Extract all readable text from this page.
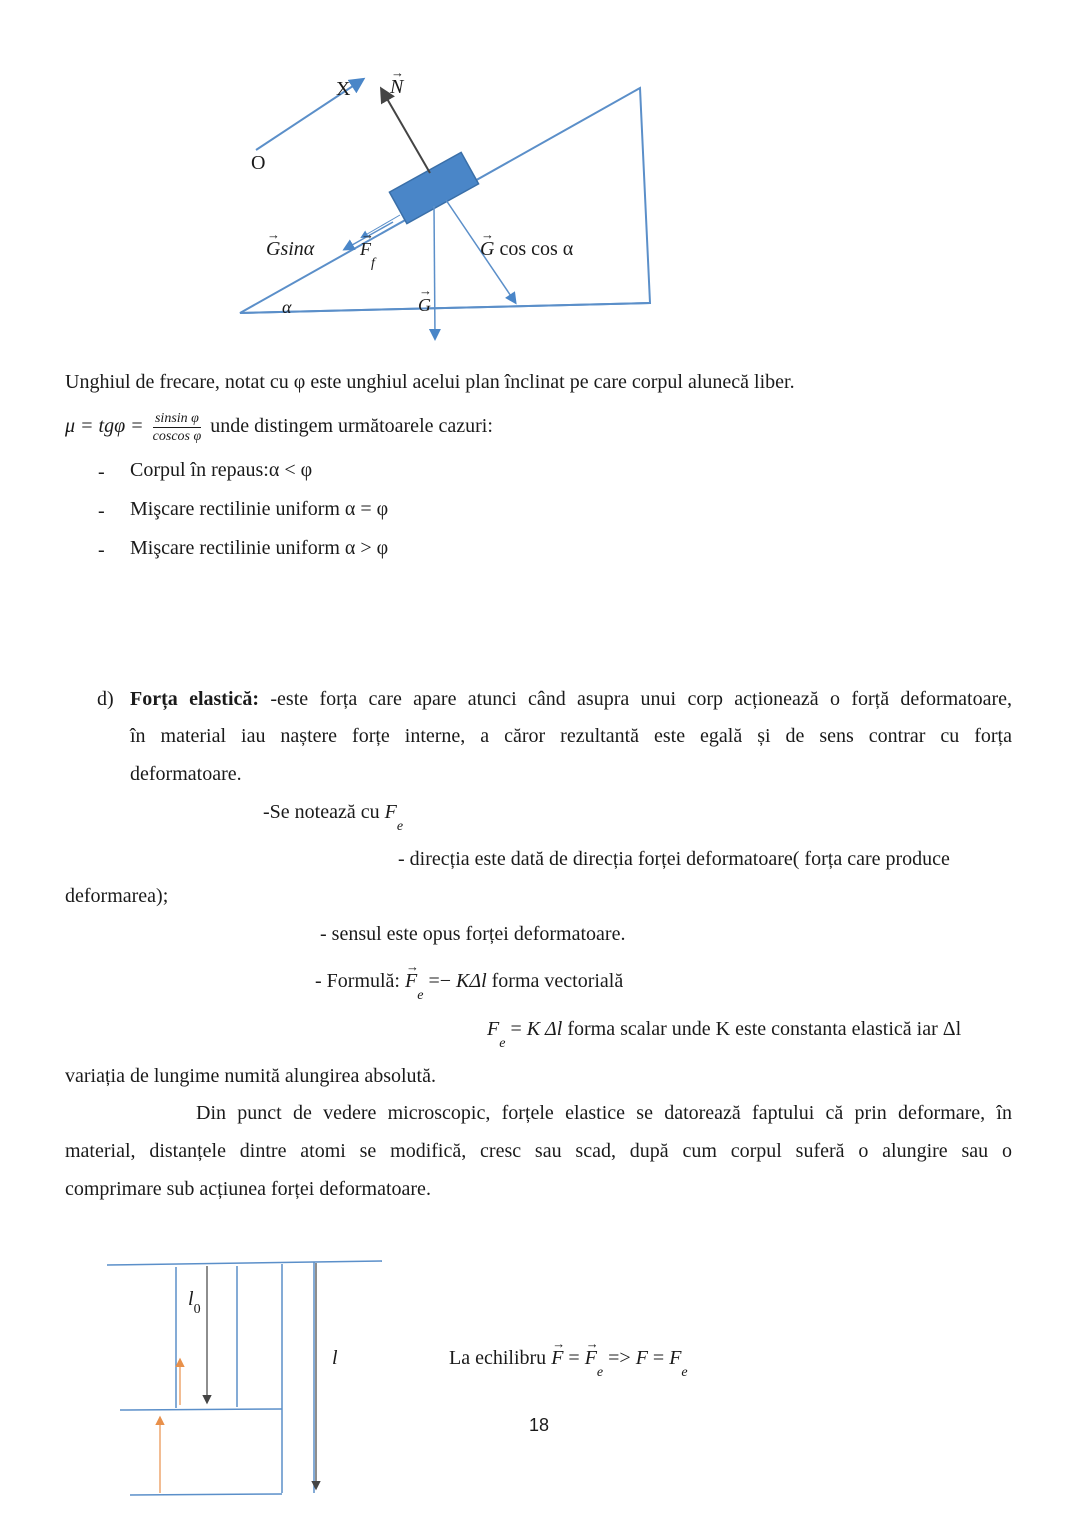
X
O
→ N
→ Gsinα	→ $F_f$
→ G cos cos α
α	→ G
Unghiul de frecare, notat cu φ este unghiul acelui plan înclinat pe care corpul alunecă liber.
$\mu = tg\varphi = \frac{\text{sinsin φ}}{\text{coscos φ}}$ unde distingem următoarele cazuri:
- Corpul în repaus:α < φ
- Mişcare rectilinie uniform α = φ
- Mişcare rectilinie uniform α > φ
d) Forța elastică: -este forța care apare atunci când asupra unui corp acționează o forță deformatoare,
în material iau naștere forțe interne, a căror rezultantă este egală și de sens contrar cu forța
deformatoare.
-Se notează cu $F_e$
- direcția este dată de direcția forței deformatoare( forța care produce
deformarea);
- sensul este opus forței deformatoare.
- Formulă: → $F_e =- K\Delta l$ forma vectorială
$F_e = K$ Δl forma scalar unde K este constanta elastică iar Δl
variația de lungime numită alungirea absolută.
Din punct de vedere microscopic, forțele elastice se datorează faptului că prin deformare, în
material, distanțele dintre atomi se modifică, cresc sau scad, după cum corpul suferă o alungire sau o
comprimare sub acțiunea forței deformatoare.
$l_0$
l	La echilibru → F = → $F_e => F = F_e$
18
